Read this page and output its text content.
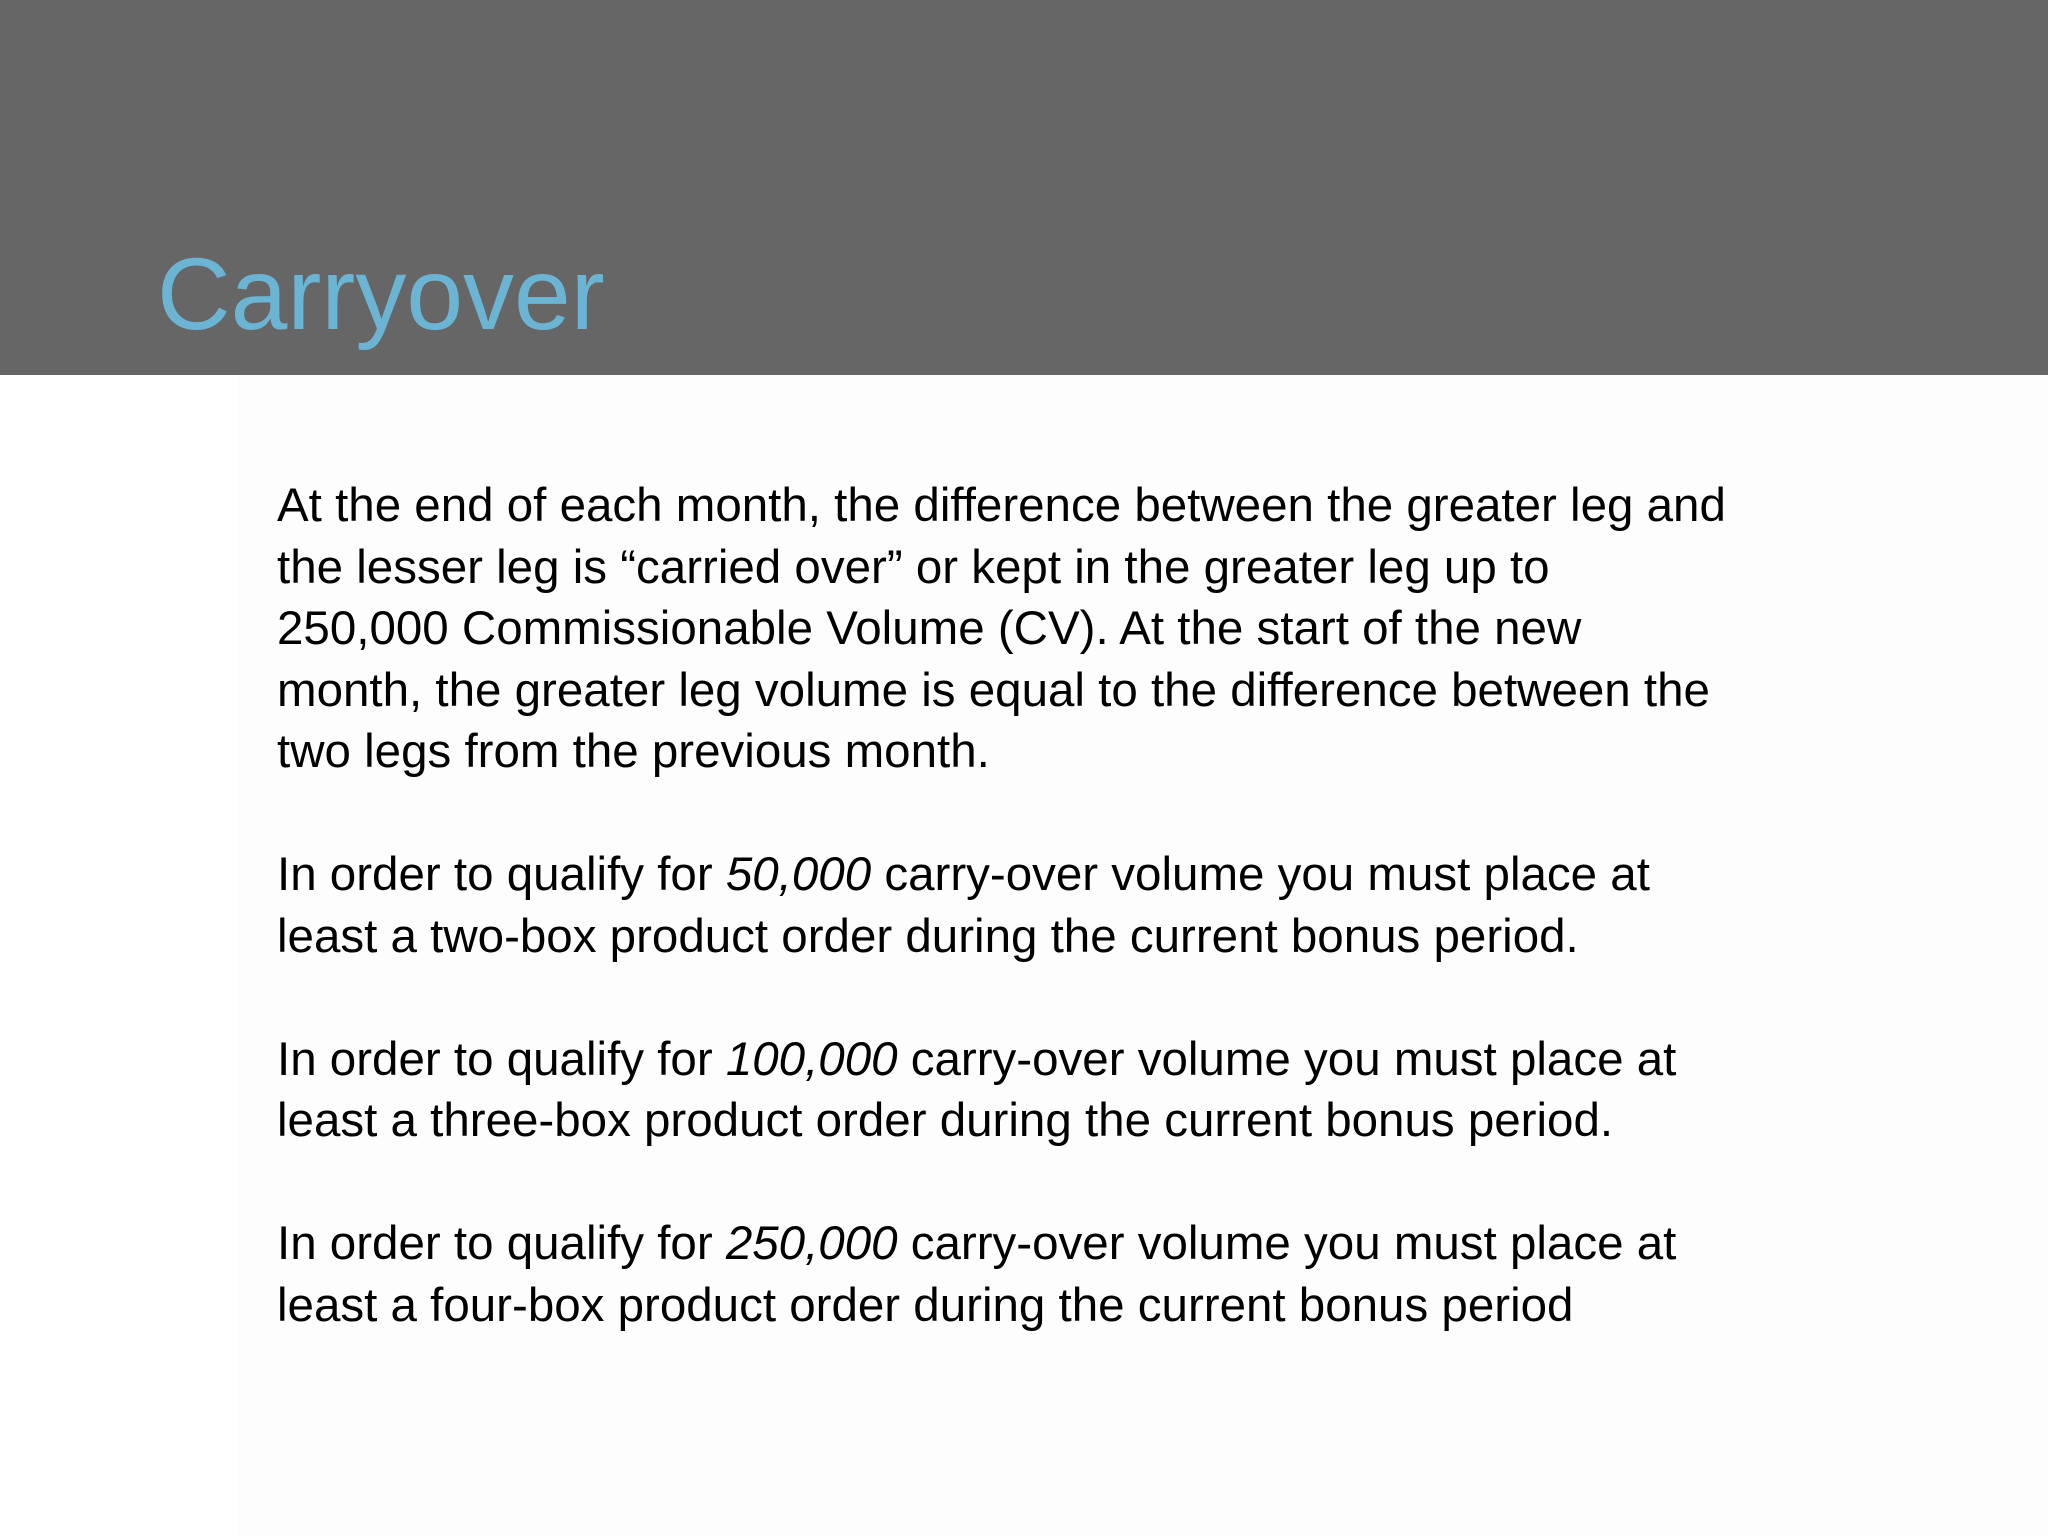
Carryover

At the end of each month, the difference between the greater leg and
the lesser leg is “carried over” or kept in the greater leg up to
250,000 Commissionable Volume (CV). At the start of the new
month, the greater leg volume is equal to the difference between the
two legs from the previous month.

In order to qualify for 50,000 carry-over volume you must place at
least a two-box product order during the current bonus period.

In order to qualify for 100,000 carry-over volume you must place at
least a three-box product order during the current bonus period.

In order to qualify for 250,000 carry-over volume you must place at
least a four-box product order during the current bonus period
